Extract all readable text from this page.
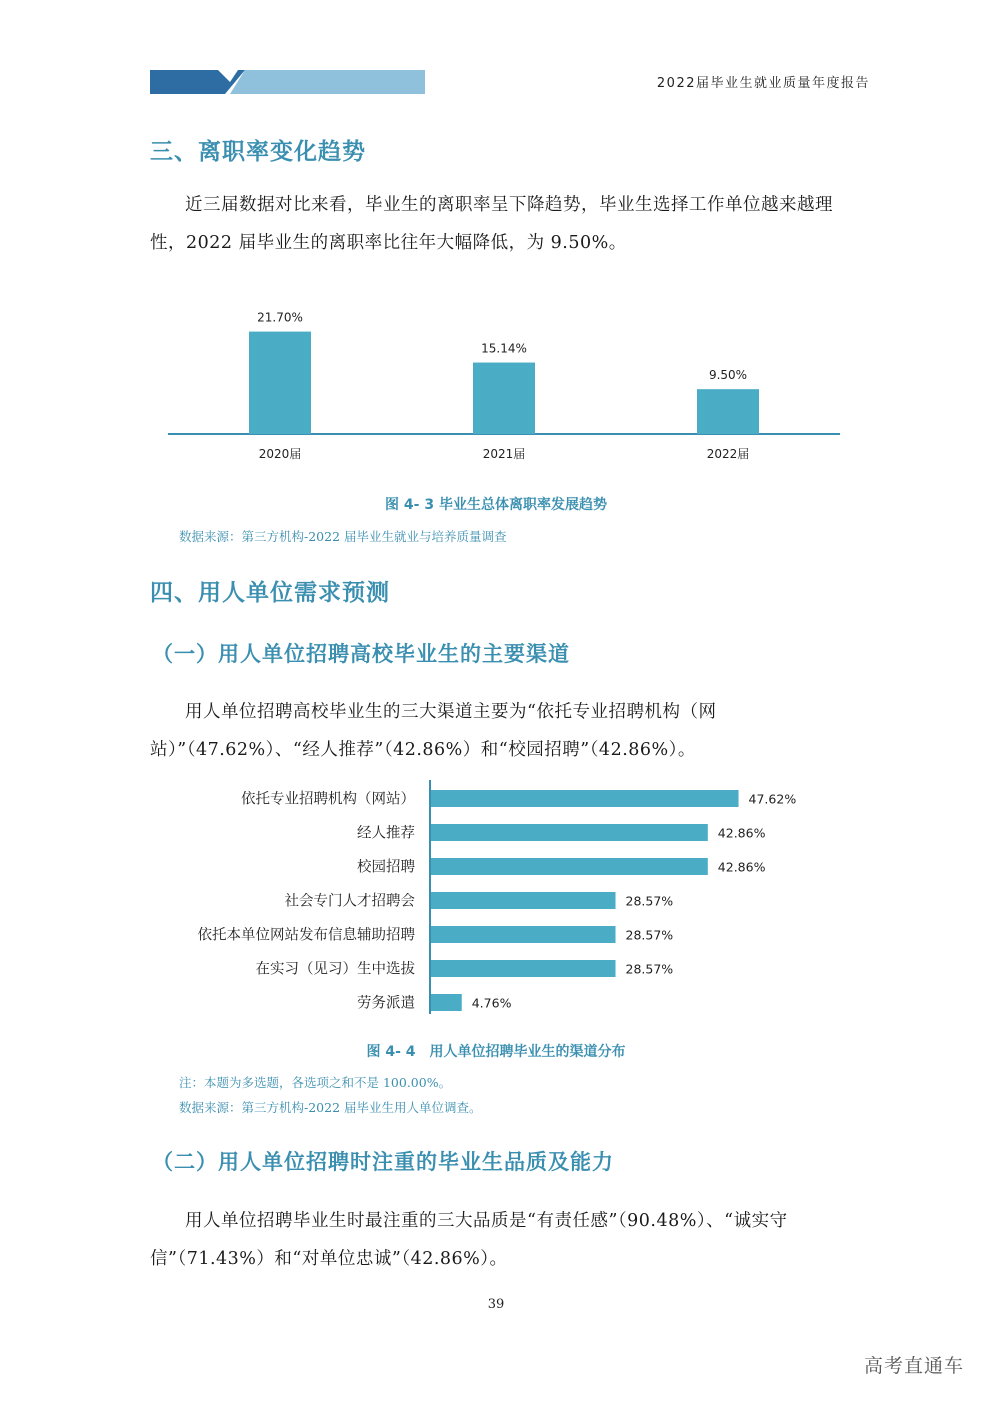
2022届毕业生就业质量年度报告
三、离职率变化趋势

近三届数据对比来看，毕业生的离职率呈下降趋势，毕业生选择工作单位越来越理性，2022 届毕业生的离职率比往年大幅降低，为 9.50%。

21.70%
2020届
15.14%
2021届
9.50%
2022届
图 4- 3 毕业生总体离职率发展趋势
数据来源：第三方机构-2022 届毕业生就业与培养质量调查
四、用人单位需求预测
（一）用人单位招聘高校毕业生的主要渠道

用人单位招聘高校毕业生的三大渠道主要为“依托专业招聘机构（网站）”（47.62%）、“经人推荐”（42.86%）和“校园招聘”（42.86%）。

依托专业招聘机构（网站）	47.62%
经人推荐	42.86%
校园招聘	42.86%
社会专门人才招聘会	28.57%
依托本单位网站发布信息辅助招聘	28.57%
在实习（见习）生中选拔	28.57%
劳务派遣	4.76%
图 4- 4　用人单位招聘毕业生的渠道分布
注：本题为多选题，各选项之和不是 100.00%。
数据来源：第三方机构-2022 届毕业生用人单位调查。
（二）用人单位招聘时注重的毕业生品质及能力

用人单位招聘毕业生时最注重的三大品质是“有责任感”（90.48%）、“诚实守信”（71.43%）和“对单位忠诚”（42.86%）。

39
高考直通车
